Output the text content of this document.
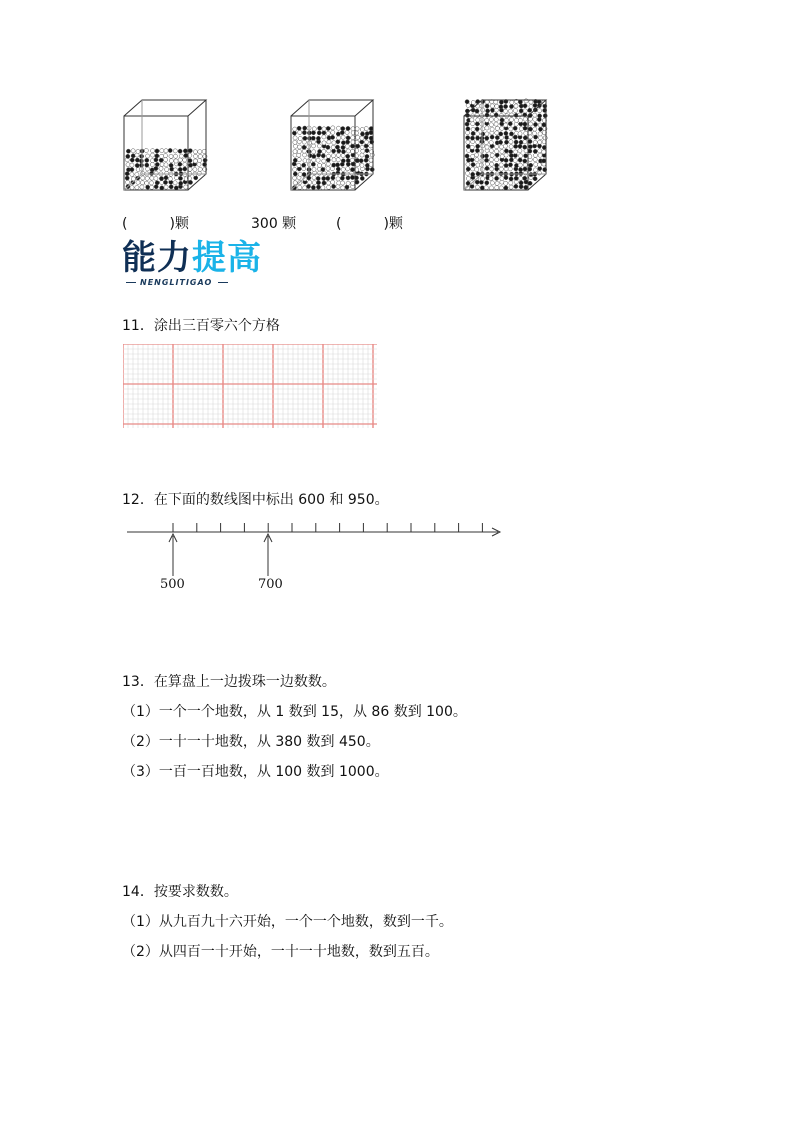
(	)颗	300 颗	(	)颗
能力提高
NENGLITIGAO
11．涂出三百零六个方格
12．在下面的数线图中标出 600 和 950。
500	700
13．在算盘上一边拨珠一边数数。
（1）一个一个地数，从 1 数到 15，从 86 数到 100。
（2）一十一十地数，从 380 数到 450。
（3）一百一百地数，从 100 数到 1000。
14．按要求数数。
（1）从九百九十六开始，一个一个地数，数到一千。
（2）从四百一十开始，一十一十地数，数到五百。
